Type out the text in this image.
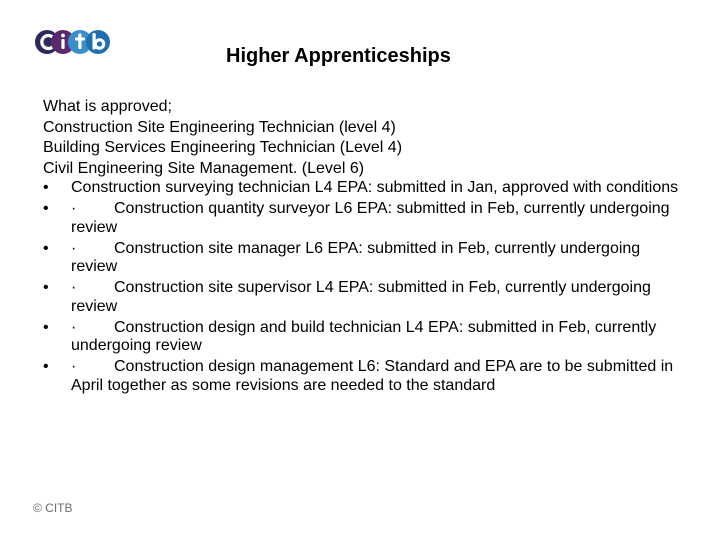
Higher Apprenticeships
What is approved;
Construction Site Engineering Technician (level 4)
Building Services Engineering Technician (Level 4)
Civil Engineering Site Management. (Level 6)
•	Construction surveying technician L4 EPA: submitted in Jan, approved with conditions
•	· Construction quantity surveyor L6 EPA: submitted in Feb, currently undergoing review
•	· Construction site manager L6 EPA: submitted in Feb, currently undergoing review
•	· Construction site supervisor L4 EPA: submitted in Feb, currently undergoing review
•	· Construction design and build technician L4 EPA: submitted in Feb, currently undergoing review
•	· Construction design management L6: Standard and EPA are to be submitted in April together as some revisions are needed to the standard
© CITB
